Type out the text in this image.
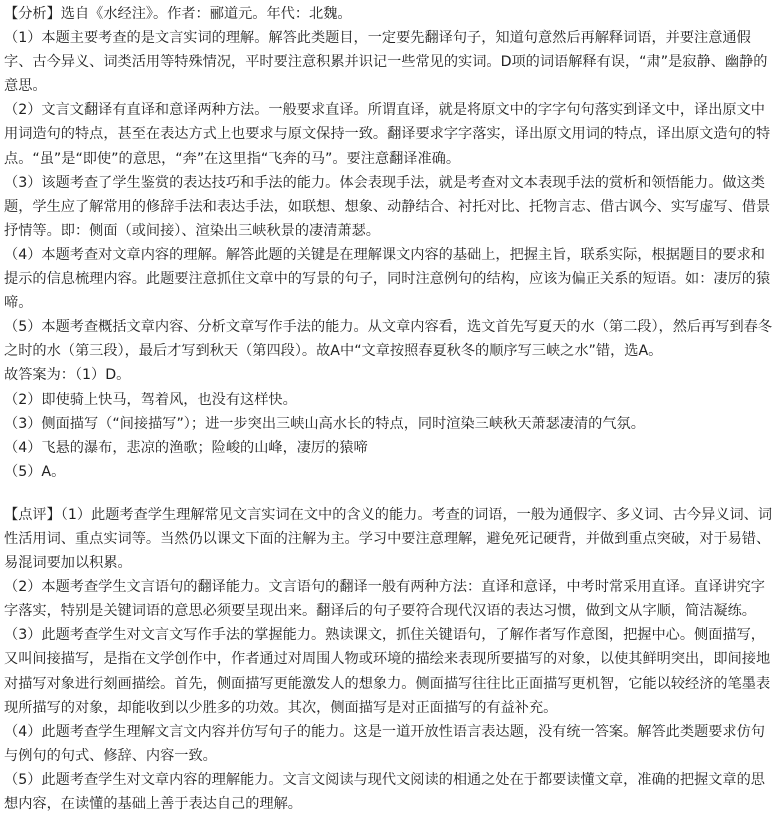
【分析】选自《水经注》。作者：郦道元。年代：北魏。

（1）本题主要考查的是文言实词的理解。解答此类题目，一定要先翻译句子，知道句意然后再解释词语，并要注意通假字、古今异义、词类活用等特殊情况，平时要注意积累并识记一些常见的实词。D项的词语解释有误，“肃”是寂静、幽静的意思。

（2）文言文翻译有直译和意译两种方法。一般要求直译。所谓直译，就是将原文中的字字句句落实到译文中，译出原文中用词造句的特点，甚至在表达方式上也要求与原文保持一致。翻译要求字字落实，译出原文用词的特点，译出原文造句的特点。“虽”是“即使”的意思，“奔”在这里指“飞奔的马”。要注意翻译准确。

（3）该题考查了学生鉴赏的表达技巧和手法的能力。体会表现手法，就是考查对文本表现手法的赏析和领悟能力。做这类题，学生应了解常用的修辞手法和表达手法，如联想、想象、动静结合、衬托对比、托物言志、借古讽今、实写虚写、借景抒情等。即：侧面（或间接）、渲染出三峡秋景的凄清萧瑟。

（4）本题考查对文章内容的理解。解答此题的关键是在理解课文内容的基础上，把握主旨，联系实际，根据题目的要求和提示的信息梳理内容。此题要注意抓住文章中的写景的句子，同时注意例句的结构，应该为偏正关系的短语。如：凄厉的猿啼。

（5）本题考查概括文章内容、分析文章写作手法的能力。从文章内容看，选文首先写夏天的水（第二段），然后再写到春冬之时的水（第三段），最后才写到秋天（第四段）。故A中“文章按照春夏秋冬的顺序写三峡之水”错，选A。

故答案为：（1）D。

（2）即使骑上快马，驾着风，也没有这样快。

（3）侧面描写（“间接描写”）；进一步突出三峡山高水长的特点，同时渲染三峡秋天萧瑟凄清的气氛。

（4）飞悬的瀑布，悲凉的渔歌；险峻的山峰，凄厉的猿啼

（5）A。

【点评】（1）此题考查学生理解常见文言实词在文中的含义的能力。考查的词语，一般为通假字、多义词、古今异义词、词性活用词、重点实词等。当然仍以课文下面的注解为主。学习中要注意理解，避免死记硬背，并做到重点突破，对于易错、易混词要加以积累。

（2）本题考查学生文言语句的翻译能力。文言语句的翻译一般有两种方法：直译和意译，中考时常采用直译。直译讲究字字落实，特别是关键词语的意思必须要呈现出来。翻译后的句子要符合现代汉语的表达习惯，做到文从字顺，简洁凝练。

（3）此题考查学生对文言文写作手法的掌握能力。熟读课文，抓住关键语句，了解作者写作意图，把握中心。侧面描写，又叫间接描写，是指在文学创作中，作者通过对周围人物或环境的描绘来表现所要描写的对象，以使其鲜明突出，即间接地对描写对象进行刻画描绘。首先，侧面描写更能激发人的想象力。侧面描写往往比正面描写更机智，它能以较经济的笔墨表现所描写的对象，却能收到以少胜多的功效。其次，侧面描写是对正面描写的有益补充。

（4）此题考查学生理解文言文内容并仿写句子的能力。这是一道开放性语言表达题，没有统一答案。解答此类题要求仿句与例句的句式、修辞、内容一致。

（5）此题考查学生对文章内容的理解能力。文言文阅读与现代文阅读的相通之处在于都要读懂文章，准确的把握文章的思想内容，在读懂的基础上善于表达自己的理解。
